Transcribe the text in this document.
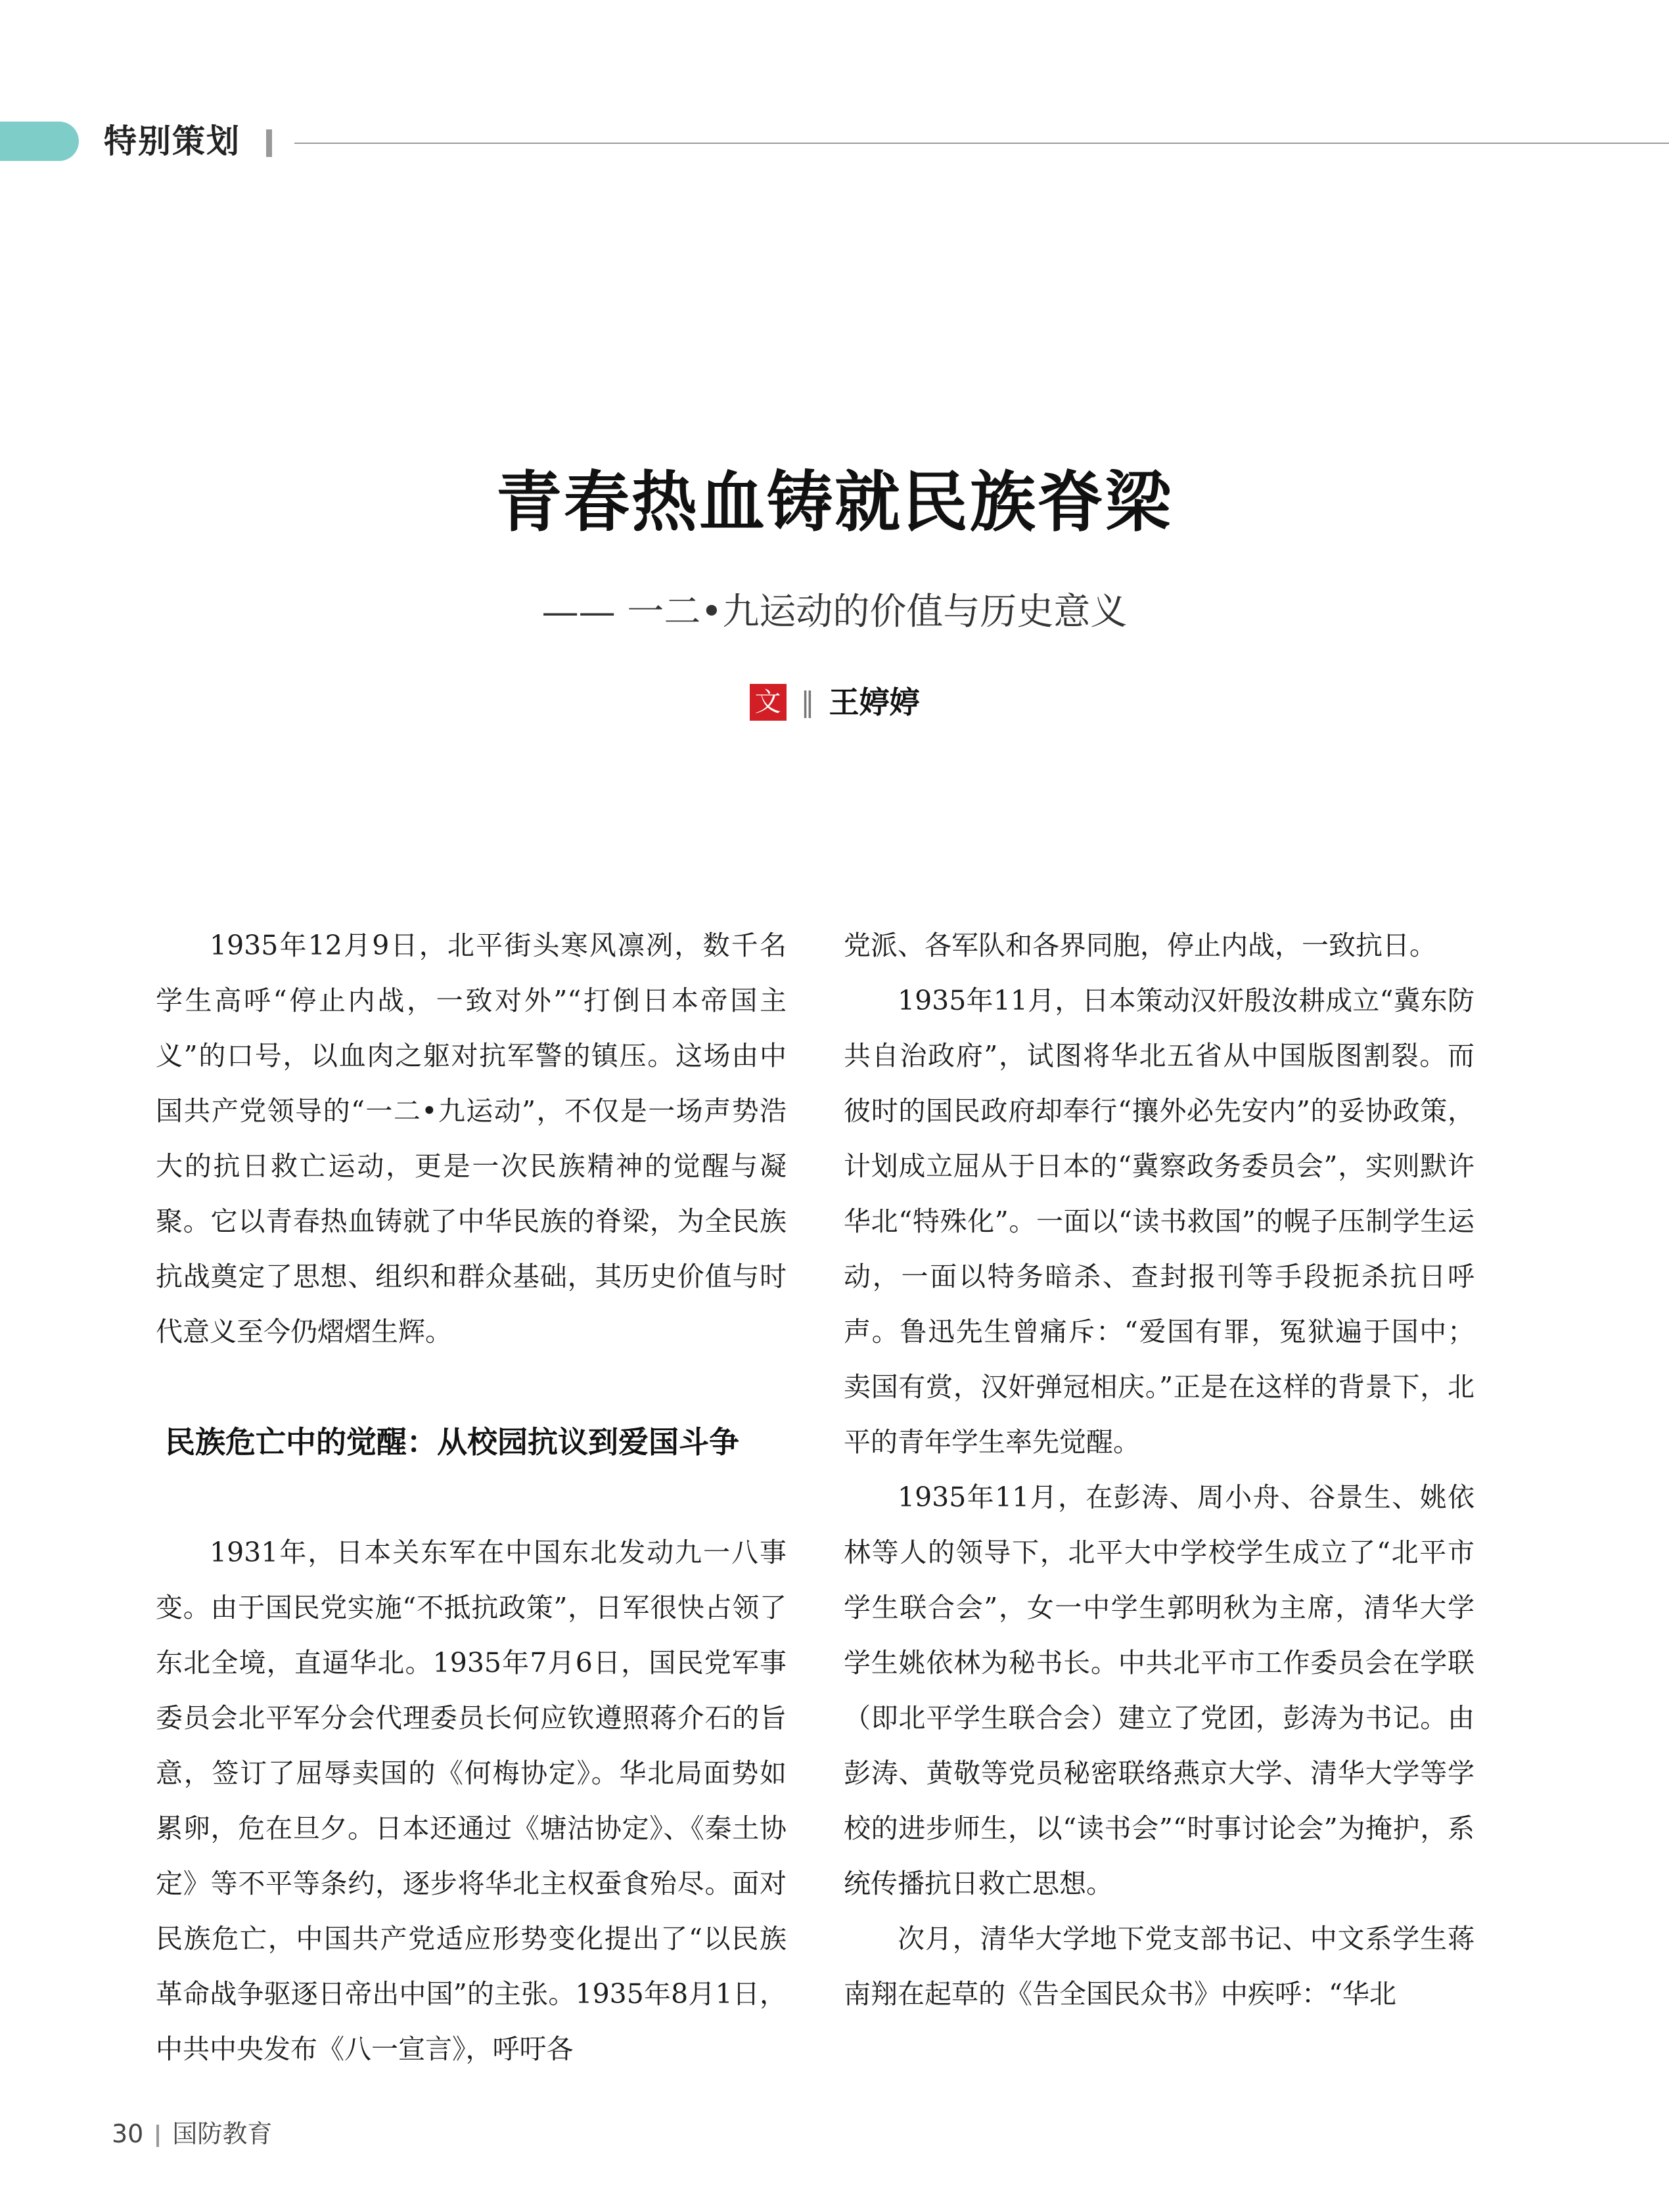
特别策划
青春热血铸就民族脊梁
—— 一二•九运动的价值与历史意义
文 ‖ 王婷婷

1935年12月9日，北平街头寒风凛冽，数千名学生高呼“停止内战，一致对外”“打倒日本帝国主义”的口号，以血肉之躯对抗军警的镇压。这场由中国共产党领导的“一二•九运动”，不仅是一场声势浩大的抗日救亡运动，更是一次民族精神的觉醒与凝聚。它以青春热血铸就了中华民族的脊梁，为全民族抗战奠定了思想、组织和群众基础，其历史价值与时代意义至今仍熠熠生辉。

民族危亡中的觉醒：从校园抗议到爱国斗争

1931年，日本关东军在中国东北发动九一八事变。由于国民党实施“不抵抗政策”，日军很快占领了东北全境，直逼华北。1935年7月6日，国民党军事委员会北平军分会代理委员长何应钦遵照蒋介石的旨意，签订了屈辱卖国的《何梅协定》。华北局面势如累卵，危在旦夕。日本还通过《塘沽协定》、《秦土协定》等不平等条约，逐步将华北主权蚕食殆尽。面对民族危亡，中国共产党适应形势变化提出了“以民族革命战争驱逐日帝出中国”的主张。1935年8月1日，中共中央发布《八一宣言》，呼吁各

党派、各军队和各界同胞，停止内战，一致抗日。

1935年11月，日本策动汉奸殷汝耕成立“冀东防共自治政府”，试图将华北五省从中国版图割裂。而彼时的国民政府却奉行“攘外必先安内”的妥协政策，计划成立屈从于日本的“冀察政务委员会”，实则默许华北“特殊化”。一面以“读书救国”的幌子压制学生运动，一面以特务暗杀、查封报刊等手段扼杀抗日呼声。鲁迅先生曾痛斥：“爱国有罪，冤狱遍于国中；卖国有赏，汉奸弹冠相庆。”正是在这样的背景下，北平的青年学生率先觉醒。

1935年11月，在彭涛、周小舟、谷景生、姚依林等人的领导下，北平大中学校学生成立了“北平市学生联合会”，女一中学生郭明秋为主席，清华大学学生姚依林为秘书长。中共北平市工作委员会在学联（即北平学生联合会）建立了党团，彭涛为书记。由彭涛、黄敬等党员秘密联络燕京大学、清华大学等学校的进步师生，以“读书会”“时事讨论会”为掩护，系统传播抗日救亡思想。

次月，清华大学地下党支部书记、中文系学生蒋南翔在起草的《告全国民众书》中疾呼：“华北

30 国防教育
